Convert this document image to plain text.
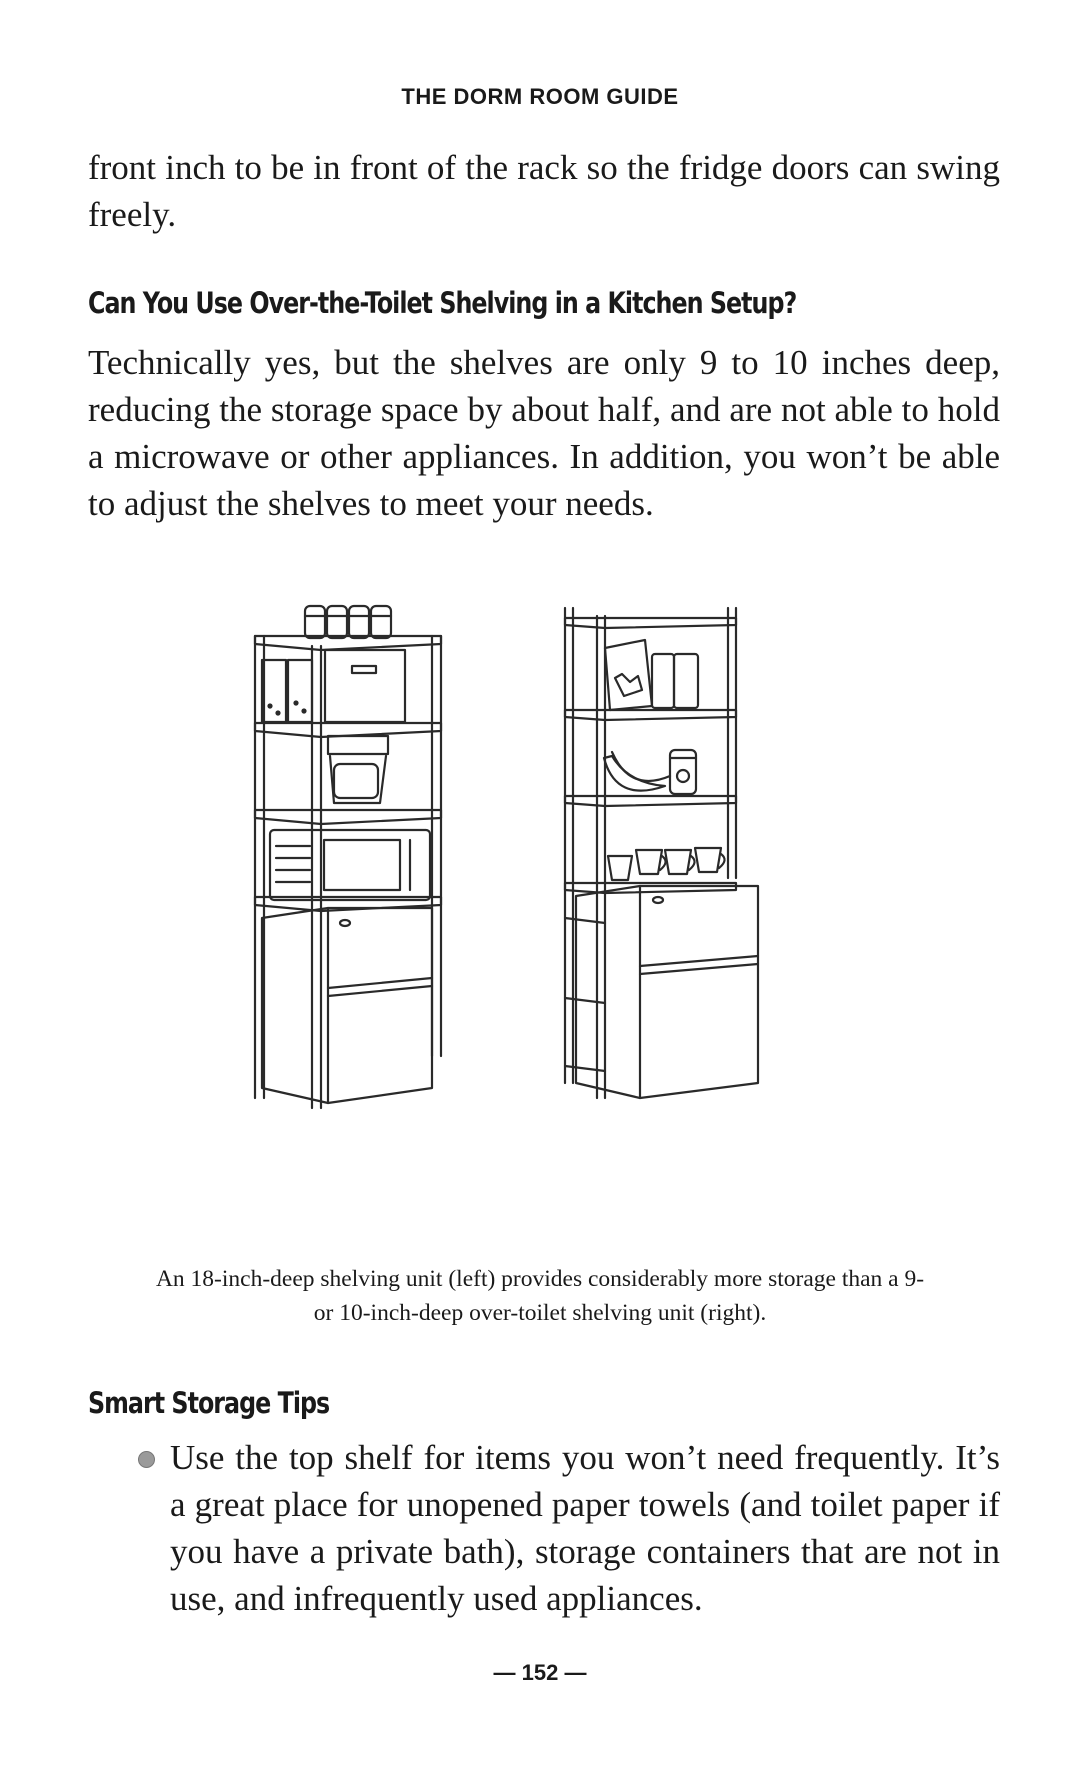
THE DORM ROOM GUIDE

front inch to be in front of the rack so the fridge doors can swing freely.

Can You Use Over-the-Toilet Shelving in a Kitchen Setup?

Technically yes, but the shelves are only 9 to 10 inches deep, reducing the storage space by about half, and are not able to hold a microwave or other appliances. In addition, you won’t be able to adjust the shelves to meet your needs.

An 18-inch-deep shelving unit (left) provides considerably more storage than a 9- or 10-inch-deep over-toilet shelving unit (right).

Smart Storage Tips

Use the top shelf for items you won’t need frequently. It’s a great place for unopened paper towels (and toilet paper if you have a private bath), storage containers that are not in use, and infrequently used appliances.

— 152 —
